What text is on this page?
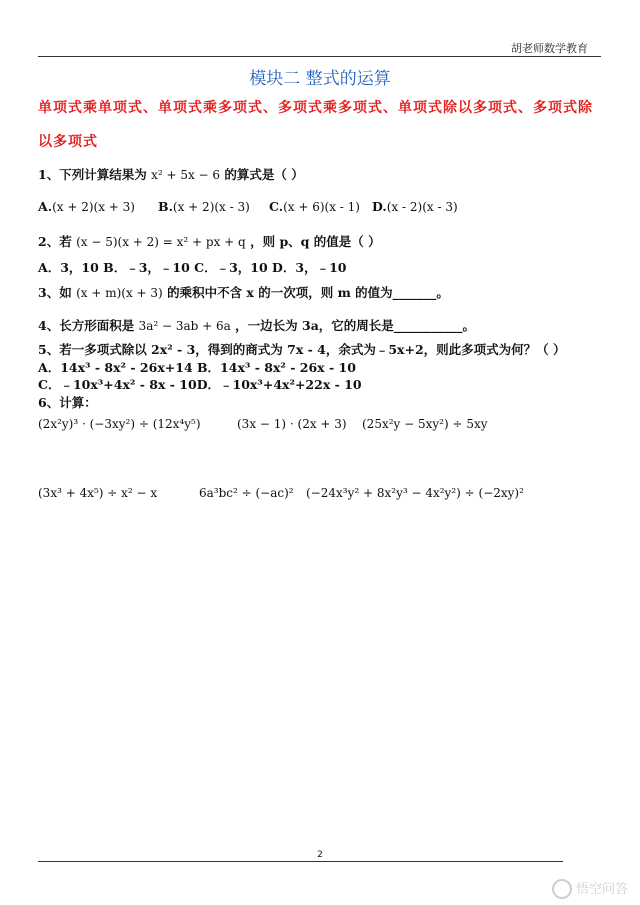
胡老师数学教育
模块二 整式的运算
单项式乘单项式、单项式乘多项式、多项式乘多项式、单项式除以多项式、多项式除
以多项式
1、下列计算结果为 x² + 5x − 6 的算式是（ ）
A.(x + 2)(x + 3) B.(x + 2)(x - 3) C.(x + 6)(x - 1) D.(x - 2)(x - 3)
2、若 (x − 5)(x + 2) = x² + px + q ，则 p、q 的值是（ ）
A．3，10 B．﹣3，﹣10 C．﹣3，10 D．3，﹣10
3、如 (x + m)(x + 3) 的乘积中不含 x 的一次项，则 m 的值为_______。
4、长方形面积是 3a² − 3ab + 6a ，一边长为 3a，它的周长是___________。
5、若一多项式除以 2x² - 3，得到的商式为 7x - 4，余式为﹣5x+2，则此多项式为何？（ ）
A．14x³ - 8x² - 26x+14 B．14x³ - 8x² - 26x - 10
C．﹣10x³+4x² - 8x - 10D．﹣10x³+4x²+22x - 10
6、计算：
(2x²y)³ · (−3xy²) ÷ (12x⁴y⁵)	(3x − 1) · (2x + 3) (25x²y − 5xy²) ÷ 5xy
(3x³ + 4x⁵) ÷ x² − x	6a³bc² ÷ (−ac)² (−24x³y² + 8x²y³ − 4x²y²) ÷ (−2xy)²
2
悟空问答
